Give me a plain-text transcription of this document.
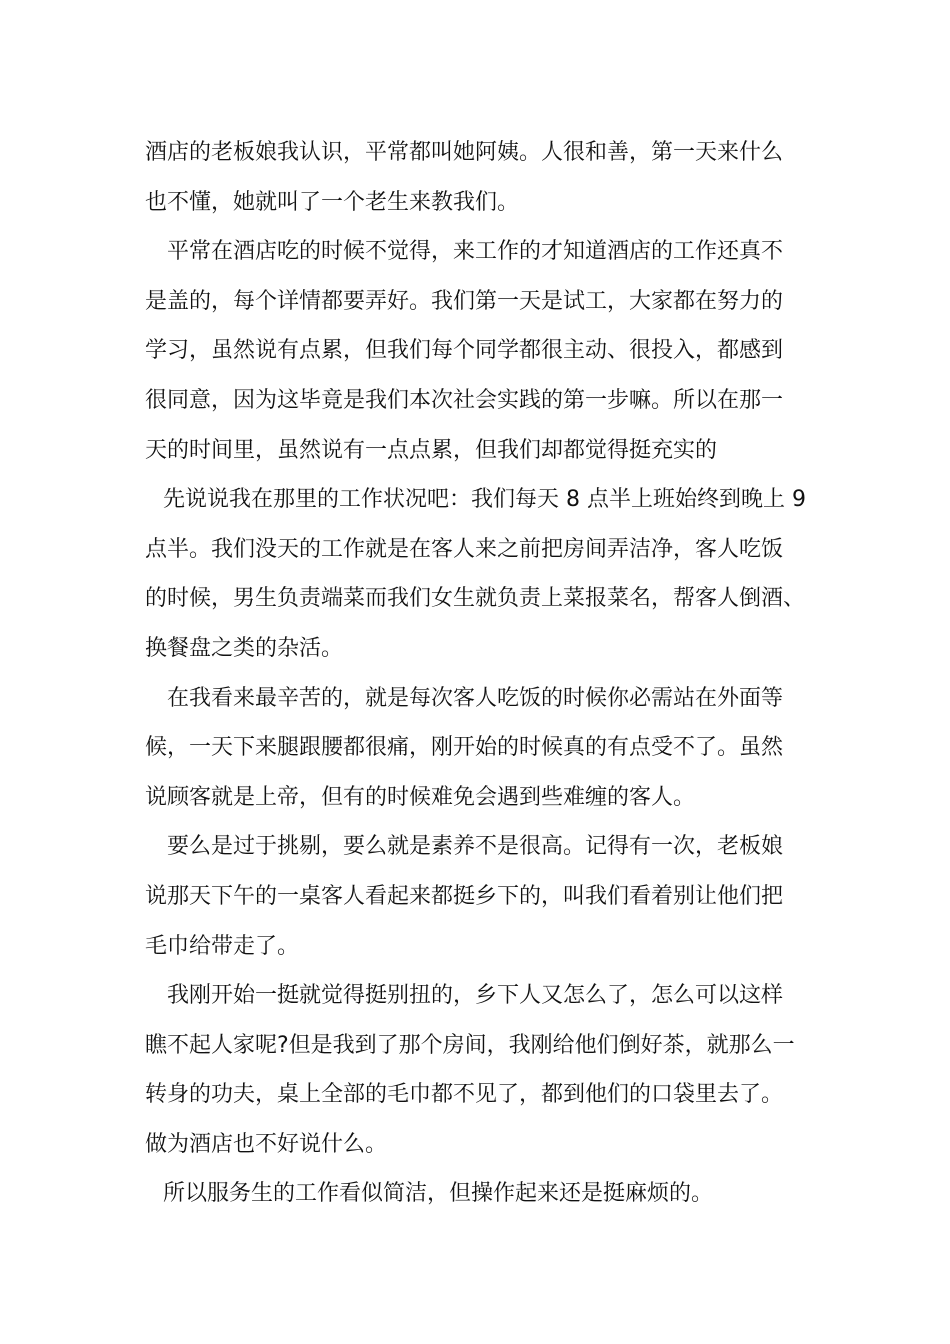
酒店的老板娘我认识，平常都叫她阿姨。人很和善，第一天来什么
也不懂，她就叫了一个老生来教我们。
平常在酒店吃的时候不觉得，来工作的才知道酒店的工作还真不
是盖的，每个详情都要弄好。我们第一天是试工，大家都在努力的
学习，虽然说有点累，但我们每个同学都很主动、很投入，都感到
很同意，因为这毕竟是我们本次社会实践的第一步嘛。所以在那一
天的时间里，虽然说有一点点累，但我们却都觉得挺充实的
先说说我在那里的工作状况吧：我们每天 8 点半上班始终到晚上 9
点半。我们没天的工作就是在客人来之前把房间弄洁净，客人吃饭
的时候，男生负责端菜而我们女生就负责上菜报菜名，帮客人倒酒、
换餐盘之类的杂活。
在我看来最辛苦的，就是每次客人吃饭的时候你必需站在外面等
候，一天下来腿跟腰都很痛，刚开始的时候真的有点受不了。虽然
说顾客就是上帝，但有的时候难免会遇到些难缠的客人。
要么是过于挑剔，要么就是素养不是很高。记得有一次，老板娘
说那天下午的一桌客人看起来都挺乡下的，叫我们看着别让他们把
毛巾给带走了。
我刚开始一挺就觉得挺别扭的，乡下人又怎么了，怎么可以这样
瞧不起人家呢?但是我到了那个房间，我刚给他们倒好茶，就那么一
转身的功夫，桌上全部的毛巾都不见了，都到他们的口袋里去了。
做为酒店也不好说什么。
所以服务生的工作看似简洁，但操作起来还是挺麻烦的。
